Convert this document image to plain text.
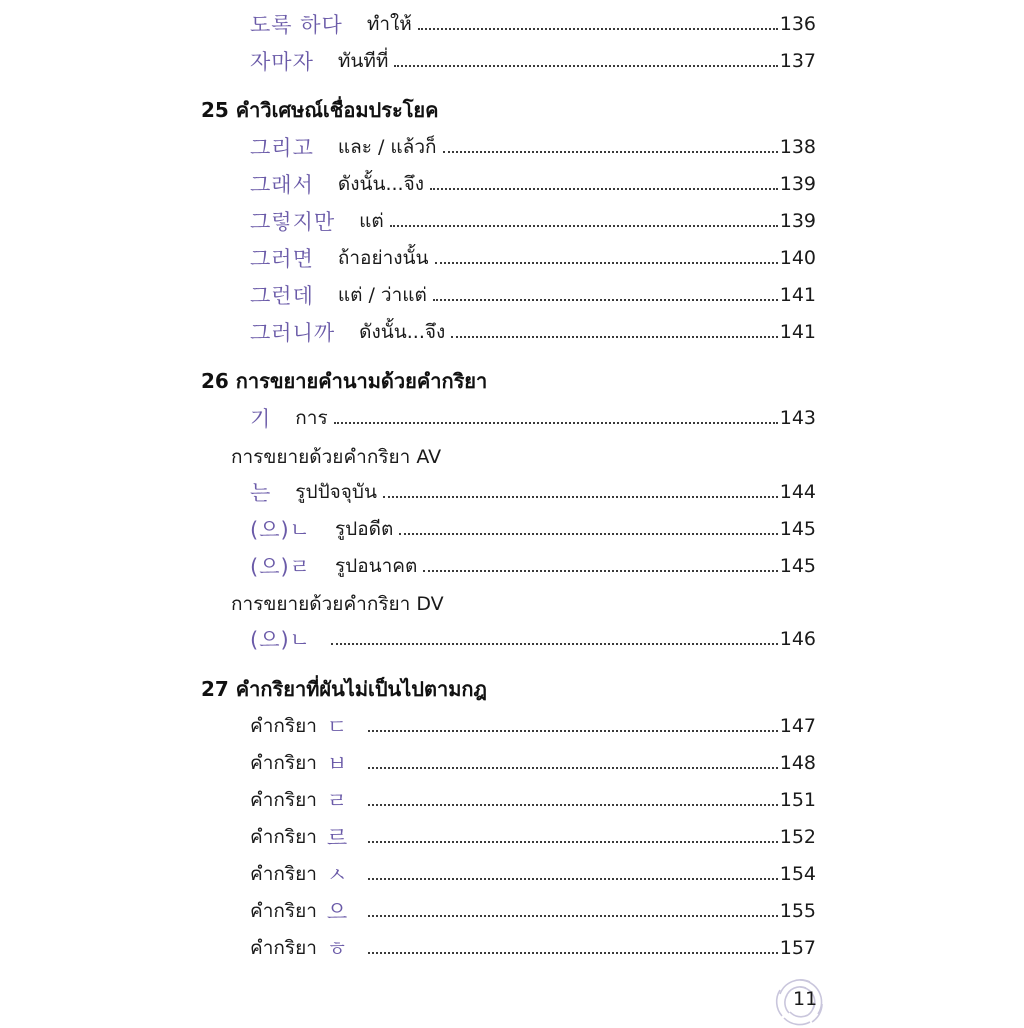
도록 하다 ทำให้	136
자마자 ทันทีที่	137
25 คำวิเศษณ์เชื่อมประโยค
그리고 และ / แล้วก็	138
그래서 ดังนั้น...จึง	139
그렇지만 แต่	139
그러면 ถ้าอย่างนั้น	140
그런데 แต่ / ว่าแต่	141
그러니까 ดังนั้น...จึง	141
26 การขยายคำนามด้วยคำกริยา
기 การ	143
การขยายด้วยคำกริยา AV
는 รูปปัจจุบัน	144
(으)ㄴ รูปอดีต	145
(으)ㄹ รูปอนาคต	145
การขยายด้วยคำกริยา DV
(으)ㄴ	146
27 คำกริยาที่ผันไม่เป็นไปตามกฎ
คำกริยา ㄷ	147
คำกริยา ㅂ	148
คำกริยา ㄹ	151
คำกริยา 르	152
คำกริยา ㅅ	154
คำกริยา 으	155
คำกริยา ㅎ	157
11
